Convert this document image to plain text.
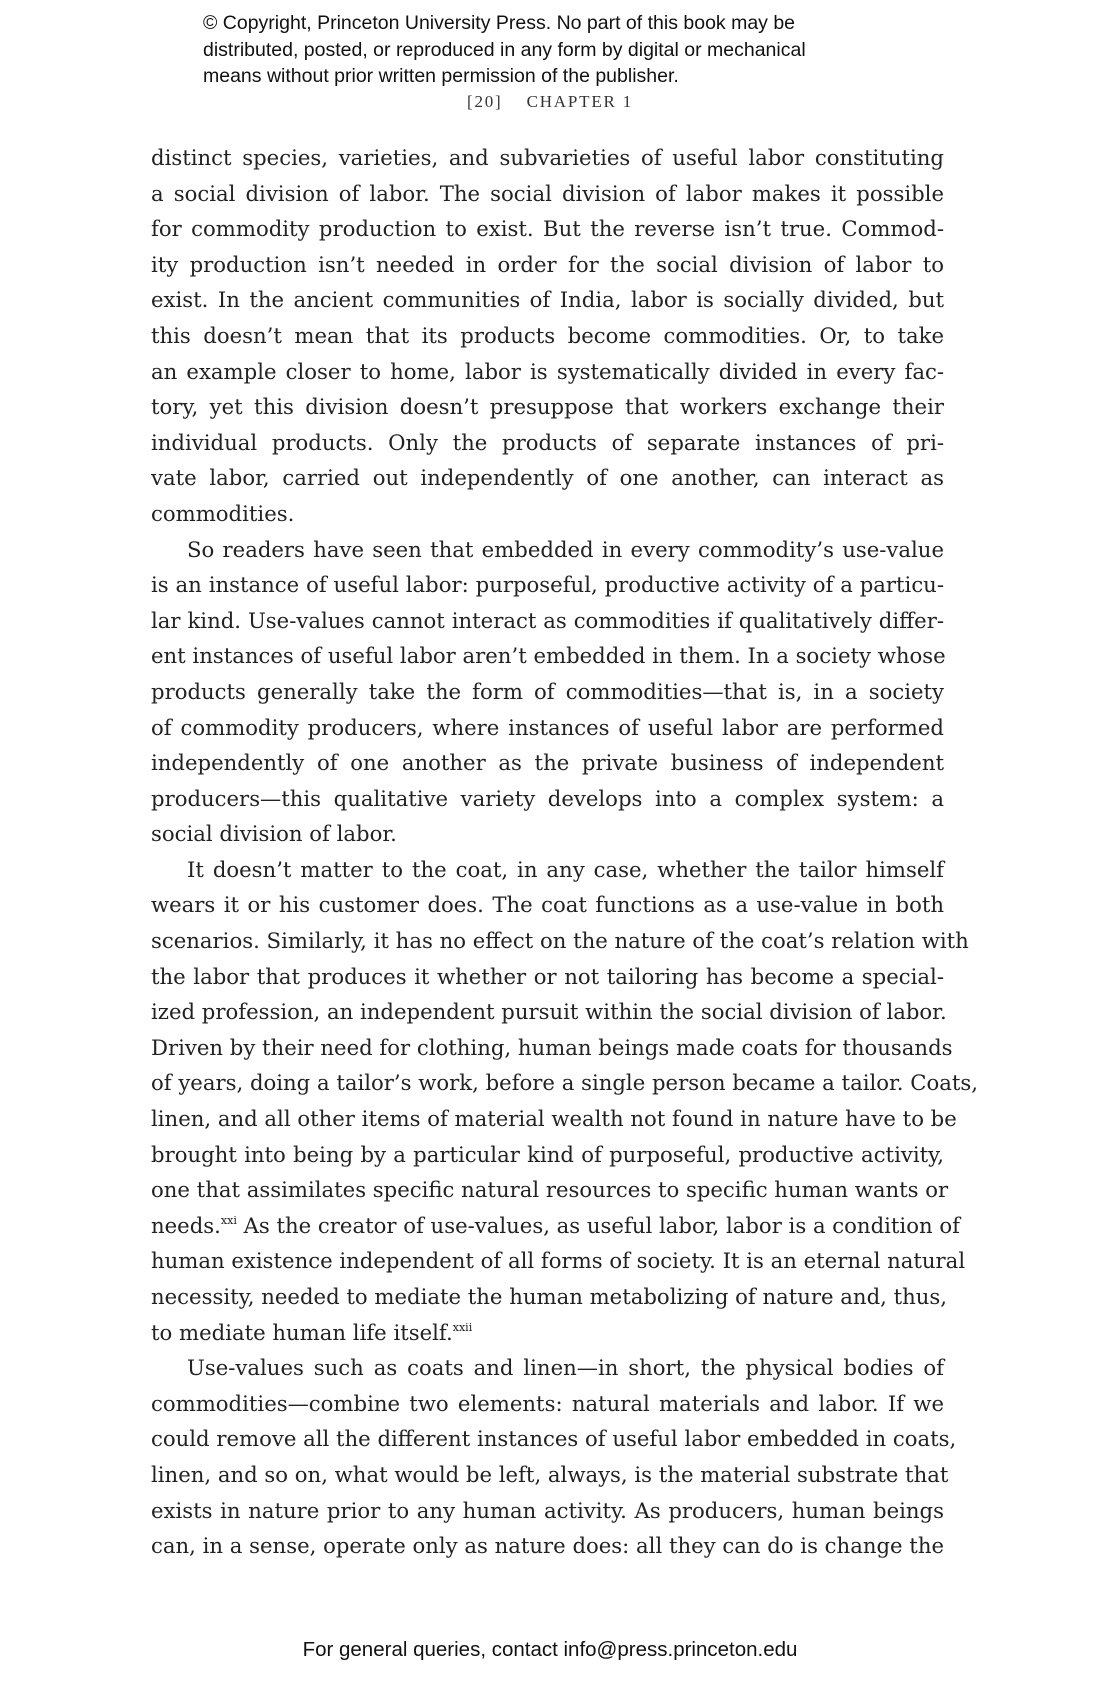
© Copyright, Princeton University Press. No part of this book may be
distributed, posted, or reproduced in any form by digital or mechanical
means without prior written permission of the publisher.
[20] CHAPTER 1
distinct species, varieties, and subvarieties of useful labor constituting
a social division of labor. The social division of labor makes it possible
for commodity production to exist. But the reverse isn’t true. Commod-
ity production isn’t needed in order for the social division of labor to
exist. In the ancient communities of India, labor is socially divided, but
this doesn’t mean that its products become commodities. Or, to take
an example closer to home, labor is systematically divided in every fac-
tory, yet this division doesn’t presuppose that workers exchange their
individual products. Only the products of separate instances of pri-
vate labor, carried out independently of one another, can interact as
commodities.
So readers have seen that embedded in every commodity’s use-value
is an instance of useful labor: purposeful, productive activity of a particu-
lar kind. Use-values cannot interact as commodities if qualitatively differ-
ent instances of useful labor aren’t embedded in them. In a society whose
products generally take the form of commodities—that is, in a society
of commodity producers, where instances of useful labor are performed
independently of one another as the private business of independent
producers—this qualitative variety develops into a complex system: a
social division of labor.
It doesn’t matter to the coat, in any case, whether the tailor himself
wears it or his customer does. The coat functions as a use-value in both
scenarios. Similarly, it has no effect on the nature of the coat’s relation with
the labor that produces it whether or not tailoring has become a special-
ized profession, an independent pursuit within the social division of labor.
Driven by their need for clothing, human beings made coats for thousands
of years, doing a tailor’s work, before a single person became a tailor. Coats,
linen, and all other items of material wealth not found in nature have to be
brought into being by a particular kind of purposeful, productive activity,
one that assimilates specific natural resources to specific human wants or
needs.$^{xxi}$ As the creator of use-values, as useful labor, labor is a condition of
human existence independent of all forms of society. It is an eternal natural
necessity, needed to mediate the human metabolizing of nature and, thus,
to mediate human life itself.$^{xxii}$
Use-values such as coats and linen—in short, the physical bodies of
commodities—combine two elements: natural materials and labor. If we
could remove all the different instances of useful labor embedded in coats,
linen, and so on, what would be left, always, is the material substrate that
exists in nature prior to any human activity. As producers, human beings
can, in a sense, operate only as nature does: all they can do is change the
For general queries, contact info@press.princeton.edu
